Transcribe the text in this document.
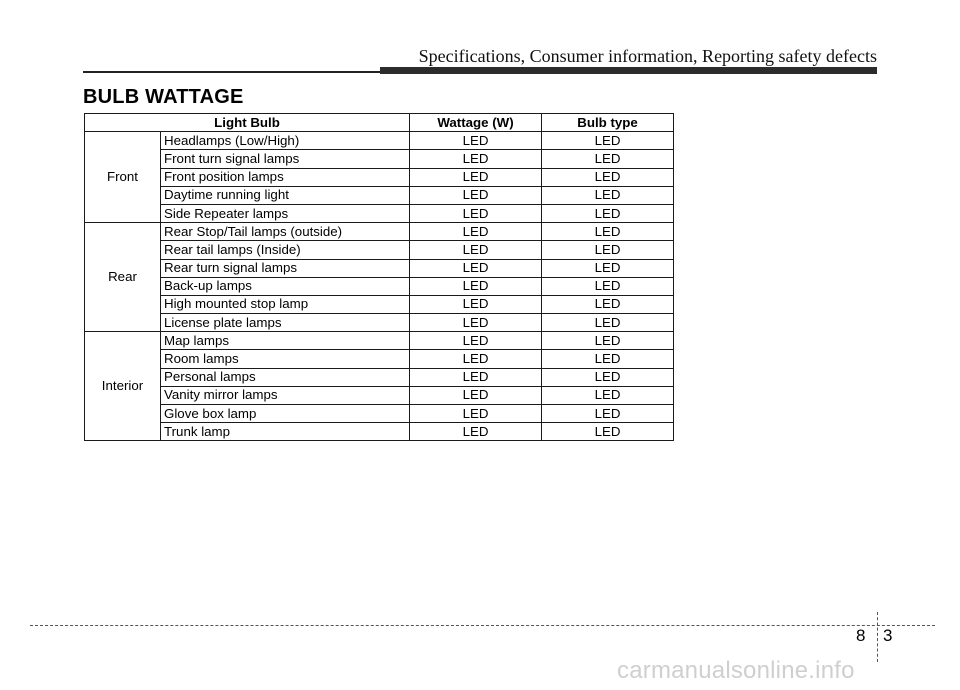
Specifications, Consumer information, Reporting safety defects
BULB WATTAGE
Light Bulb		Wattage (W)	Bulb type
Front	Headlamps (Low/High)	LED	LED
	Front turn signal lamps	LED	LED
	Front position lamps	LED	LED
	Daytime running light	LED	LED
	Side Repeater lamps	LED	LED
Rear	Rear Stop/Tail lamps (outside)	LED	LED
	Rear tail lamps (Inside)	LED	LED
	Rear turn signal lamps	LED	LED
	Back-up lamps	LED	LED
	High mounted stop lamp	LED	LED
	License plate lamps	LED	LED
Interior	Map lamps	LED	LED
	Room lamps	LED	LED
	Personal lamps	LED	LED
	Vanity mirror lamps	LED	LED
	Glove box lamp	LED	LED
	Trunk lamp	LED	LED
8 3
carmanualsonline.info
